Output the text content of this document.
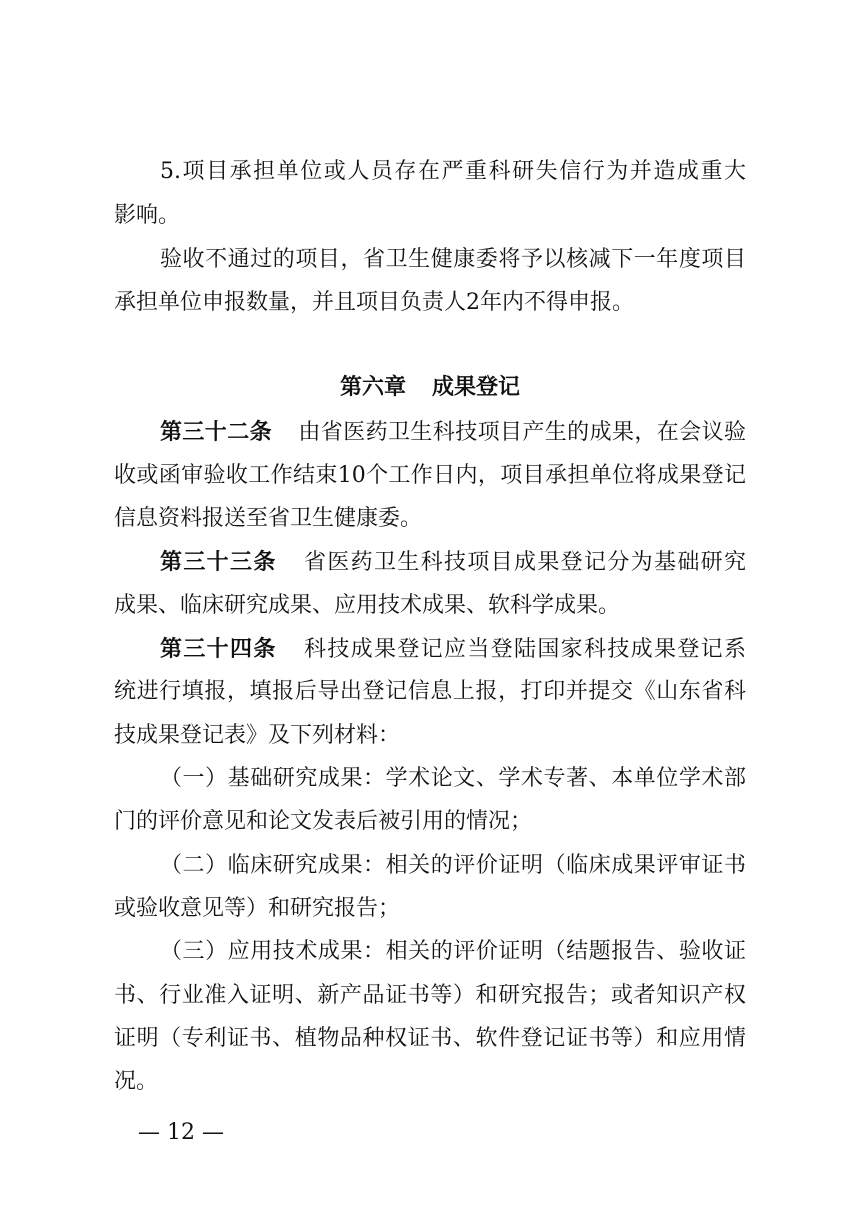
5.项目承担单位或人员存在严重科研失信行为并造成重大
影响。
验收不通过的项目，省卫生健康委将予以核减下一年度项目
承担单位申报数量，并且项目负责人2年内不得申报。
第六章 成果登记
第三十二条 由省医药卫生科技项目产生的成果，在会议验
收或函审验收工作结束10个工作日内，项目承担单位将成果登记
信息资料报送至省卫生健康委。
第三十三条 省医药卫生科技项目成果登记分为基础研究
成果、临床研究成果、应用技术成果、软科学成果。
第三十四条 科技成果登记应当登陆国家科技成果登记系
统进行填报，填报后导出登记信息上报，打印并提交《山东省科
技成果登记表》及下列材料：
（一）基础研究成果：学术论文、学术专著、本单位学术部
门的评价意见和论文发表后被引用的情况；
（二）临床研究成果：相关的评价证明（临床成果评审证书
或验收意见等）和研究报告；
（三）应用技术成果：相关的评价证明（结题报告、验收证
书、行业准入证明、新产品证书等）和研究报告；或者知识产权
证明（专利证书、植物品种权证书、软件登记证书等）和应用情
况。
— 12 —
